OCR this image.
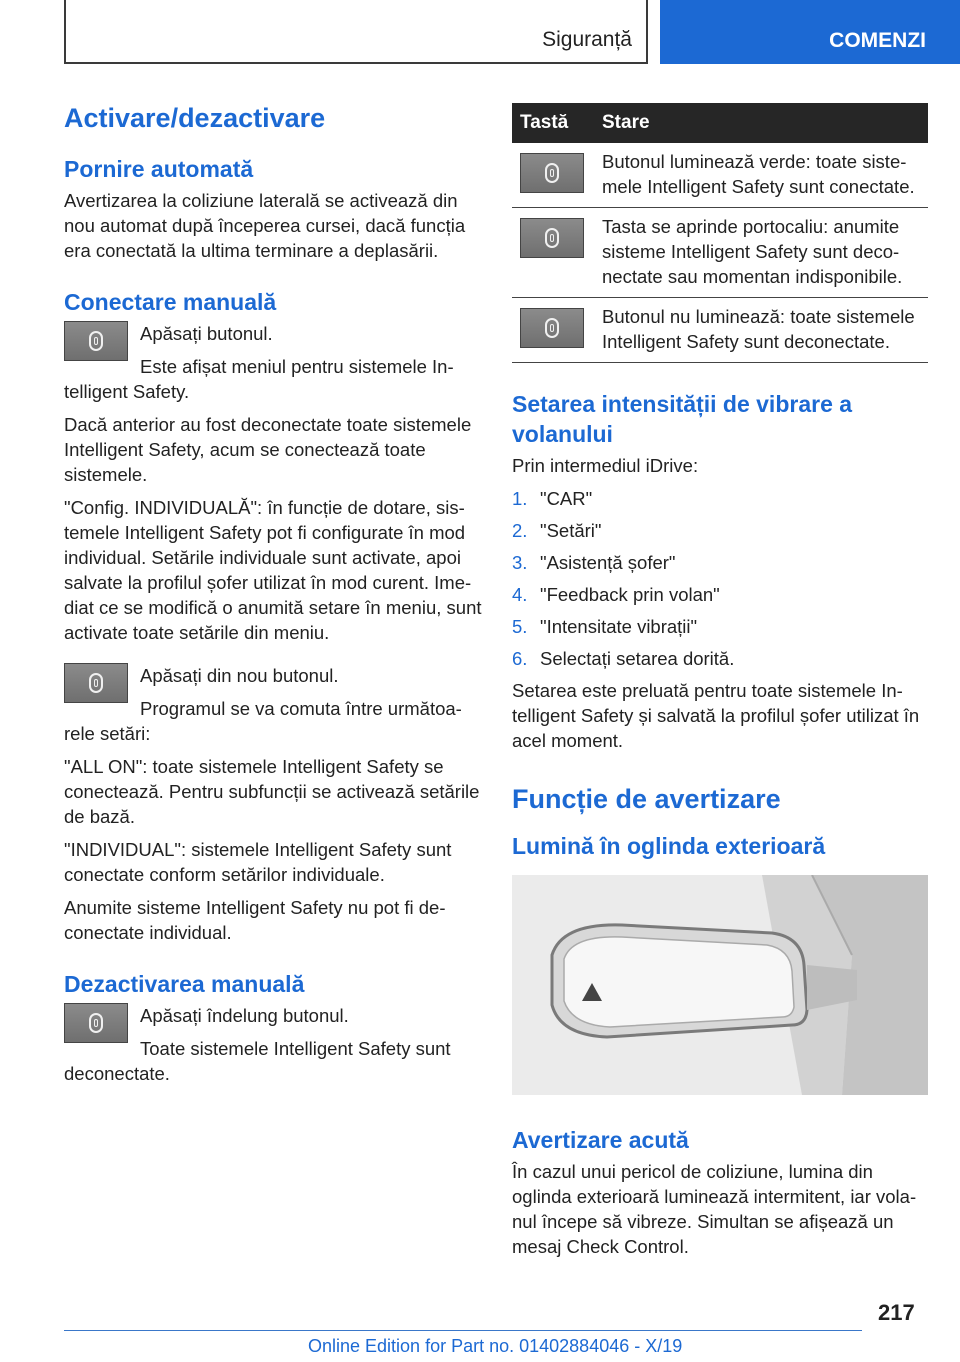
Siguranță	COMENZI
Activare/dezactivare
Pornire automată

Avertizarea la coliziune laterală se activează din nou automat după începerea cursei, dacă funcția era conectată la ultima terminare a deplasării.

Conectare manuală

Apăsați butonul.

Este afișat meniul pentru sistemele Intelligent Safety.

Dacă anterior au fost deconectate toate sistemele Intelligent Safety, acum se conectează toate sistemele.

"Config. INDIVIDUALĂ": în funcție de dotare, sistemele Intelligent Safety pot fi configurate în mod individual. Setările individuale sunt activate, apoi salvate la profilul șofer utilizat în mod curent. Imediat ce se modifică o anumită setare în meniu, sunt activate toate setările din meniu.

Apăsați din nou butonul.

Programul se va comuta între următoarele setări:

"ALL ON": toate sistemele Intelligent Safety se conectează. Pentru subfuncții se activează setările de bază.

"INDIVIDUAL": sistemele Intelligent Safety sunt conectate conform setărilor individuale.

Anumite sisteme Intelligent Safety nu pot fi deconectate individual.

Dezactivarea manuală

Apăsați îndelung butonul.

Toate sistemele Intelligent Safety sunt deconectate.

Tastă	Stare

	Butonul luminează verde: toate sistemele Intelligent Safety sunt conectate.

	Tasta se aprinde portocaliu: anumite sisteme Intelligent Safety sunt deconectate sau momentan indisponibile.

	Butonul nu luminează: toate sistemele Intelligent Safety sunt deconectate.
Setarea intensității de vibrare a volanului

Prin intermediul iDrive:

1. "CAR"
2. "Setări"
3. "Asistență șofer"
4. "Feedback prin volan"
5. "Intensitate vibrații"
6. Selectați setarea dorită.

Setarea este preluată pentru toate sistemele Intelligent Safety și salvată la profilul șofer utilizat în acel moment.

Funcție de avertizare
Lumină în oglinda exterioară
Avertizare acută

În cazul unui pericol de coliziune, lumina din oglinda exterioară luminează intermitent, iar volanul începe să vibreze. Simultan se afișează un mesaj Check Control.

217
Online Edition for Part no. 01402884046 - X/19
